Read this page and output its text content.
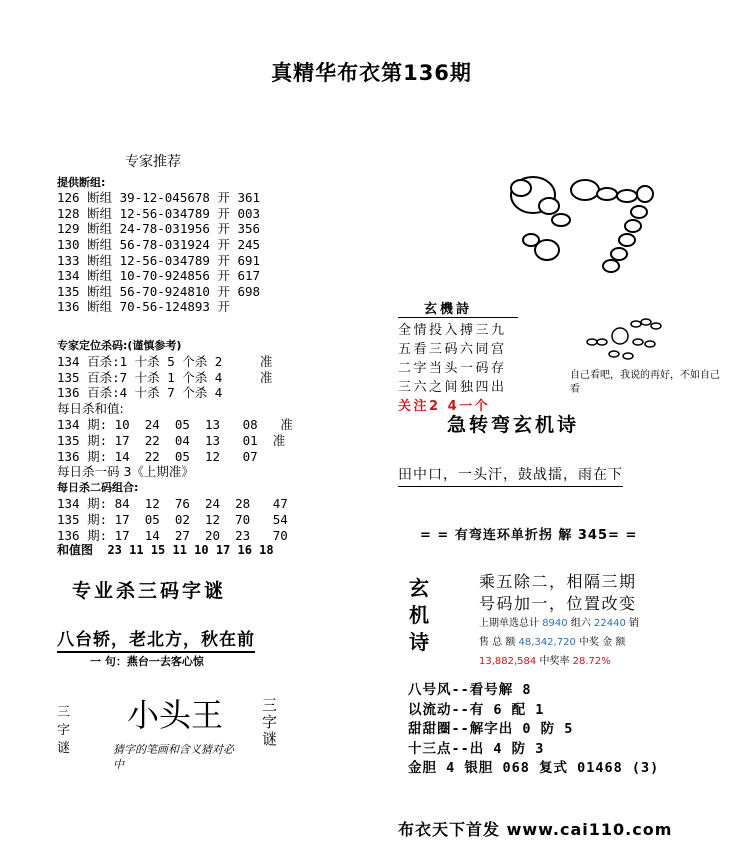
真精华布衣第136期
专家推荐
提供断组:
126 断组 39-12-045678 开 361
128 断组 12-56-034789 开 003
129 断组 24-78-031956 开 356
130 断组 56-78-031924 开 245
133 断组 12-56-034789 开 691
134 断组 10-70-924856 开 617
135 断组 56-70-924810 开 698
136 断组 70-56-124893 开
专家定位杀码:(谨慎参考)
134 百杀:1 十杀 5 个杀 2     准
135 百杀:7 十杀 1 个杀 4     准
136 百杀:4 十杀 7 个杀 4
每日杀和值:
134 期: 10  24  05  13   08   准
135 期: 17  22  04  13   01  准
136 期: 14  22  05  12   07
每日杀一码 3《上期准》
每日杀二码组合:
134 期: 84  12  76  24  28   47
135 期: 17  05  02  12  70   54
136 期: 17  14  27  20  23   70
和值图  23 11 15 11 10 17 16 18
专业杀三码字谜
八台轿，老北方，秋在前
一 句：燕台一去客心惊
三字谜
小头王
猜字的笔画和含义猜对必中
三字谜
玄機詩
全情投入搏三九
五看三码六同宫
二字当头一码存
三六之间独四出
关注2 4一个
自己看吧，我说的再好，不如自己看
急转弯玄机诗
田中口，一头汗，鼓战擂，雨在下
= = 有弯连环单折拐 解 345= =
玄
机
诗
乘五除二，相隔三期
号码加一，位置改变
上期单选总计 8940 组六 22440 销
售 总 额 48,342,720 中奖 金 额
13,882,584 中奖率 28.72%
八号风--看号解 8
以流动--有 6 配 1
甜甜圈--解字出 0 防 5
十三点--出 4 防 3
金胆 4 银胆 068 复式 01468 (3)
布衣天下首发 www.cai110.com
